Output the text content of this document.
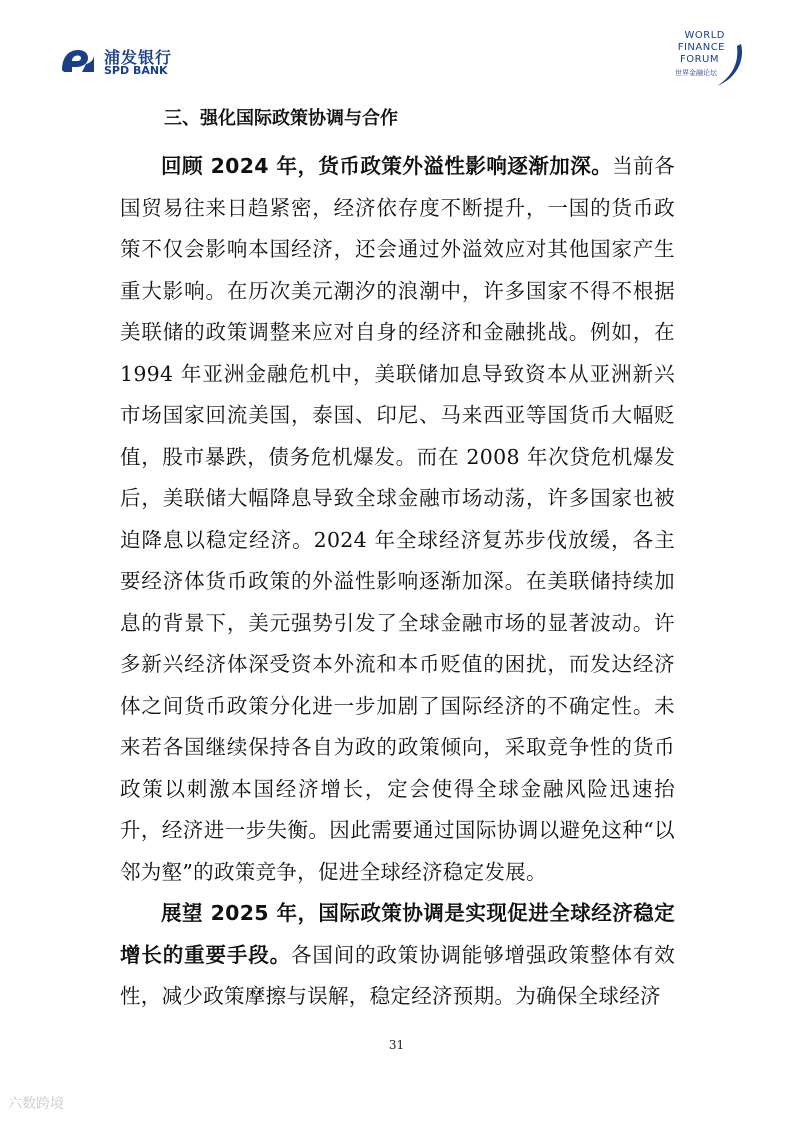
浦发银行
SPD BANK
WORLD
FINANCE
FORUM
世界金融论坛
三、强化国际政策协调与合作

回顾 2024 年，货币政策外溢性影响逐渐加深。当前各国贸易往来日趋紧密，经济依存度不断提升，一国的货币政策不仅会影响本国经济，还会通过外溢效应对其他国家产生重大影响。在历次美元潮汐的浪潮中，许多国家不得不根据美联储的政策调整来应对自身的经济和金融挑战。例如，在 1994 年亚洲金融危机中，美联储加息导致资本从亚洲新兴市场国家回流美国，泰国、印尼、马来西亚等国货币大幅贬值，股市暴跌，债务危机爆发。而在 2008 年次贷危机爆发后，美联储大幅降息导致全球金融市场动荡，许多国家也被迫降息以稳定经济。2024 年全球经济复苏步伐放缓，各主要经济体货币政策的外溢性影响逐渐加深。在美联储持续加息的背景下，美元强势引发了全球金融市场的显著波动。许多新兴经济体深受资本外流和本币贬值的困扰，而发达经济体之间货币政策分化进一步加剧了国际经济的不确定性。未来若各国继续保持各自为政的政策倾向，采取竞争性的货币政策以刺激本国经济增长，定会使得全球金融风险迅速抬升，经济进一步失衡。因此需要通过国际协调以避免这种“以邻为壑”的政策竞争，促进全球经济稳定发展。

展望 2025 年，国际政策协调是实现促进全球经济稳定增长的重要手段。各国间的政策协调能够增强政策整体有效性，减少政策摩擦与误解，稳定经济预期。为确保全球经济

31
六数跨境
